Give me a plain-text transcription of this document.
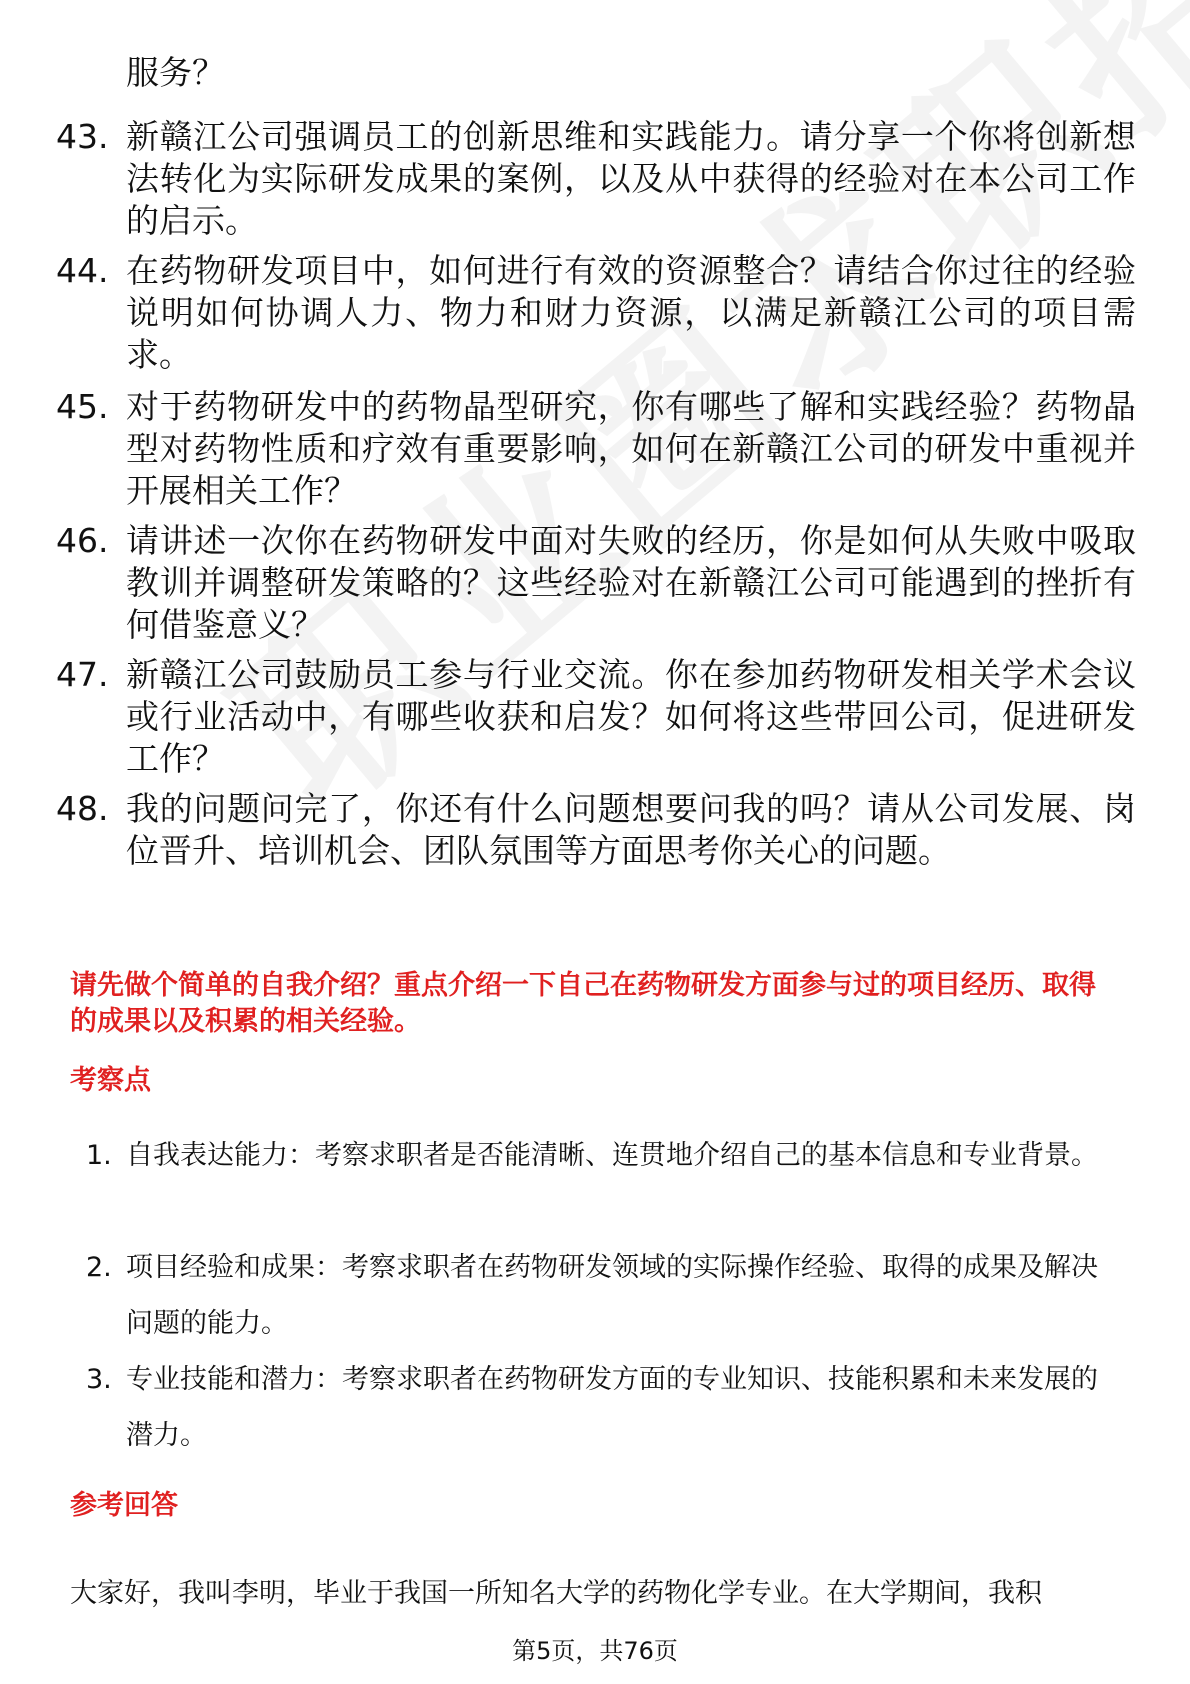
服务？
43. 新赣江公司强调员工的创新思维和实践能力。请分享一个你将创新想法转化为实际研发成果的案例，以及从中获得的经验对在本公司工作的启示。
44. 在药物研发项目中，如何进行有效的资源整合？请结合你过往的经验说明如何协调人力、物力和财力资源，以满足新赣江公司的项目需求。
45. 对于药物研发中的药物晶型研究，你有哪些了解和实践经验？药物晶型对药物性质和疗效有重要影响，如何在新赣江公司的研发中重视并开展相关工作？
46. 请讲述一次你在药物研发中面对失败的经历，你是如何从失败中吸取教训并调整研发策略的？这些经验对在新赣江公司可能遇到的挫折有何借鉴意义？
47. 新赣江公司鼓励员工参与行业交流。你在参加药物研发相关学术会议或行业活动中，有哪些收获和启发？如何将这些带回公司，促进研发工作？
48. 我的问题问完了，你还有什么问题想要问我的吗？请从公司发展、岗位晋升、培训机会、团队氛围等方面思考你关心的问题。
请先做个简单的自我介绍？重点介绍一下自己在药物研发方面参与过的项目经历、取得的成果以及积累的相关经验。
考察点
1. 自我表达能力：考察求职者是否能清晰、连贯地介绍自己的基本信息和专业背景。
2. 项目经验和成果：考察求职者在药物研发领域的实际操作经验、取得的成果及解决问题的能力。
3. 专业技能和潜力：考察求职者在药物研发方面的专业知识、技能积累和未来发展的潜力。
参考回答
大家好，我叫李明，毕业于我国一所知名大学的药物化学专业。在大学期间，我积
第5页，共76页
